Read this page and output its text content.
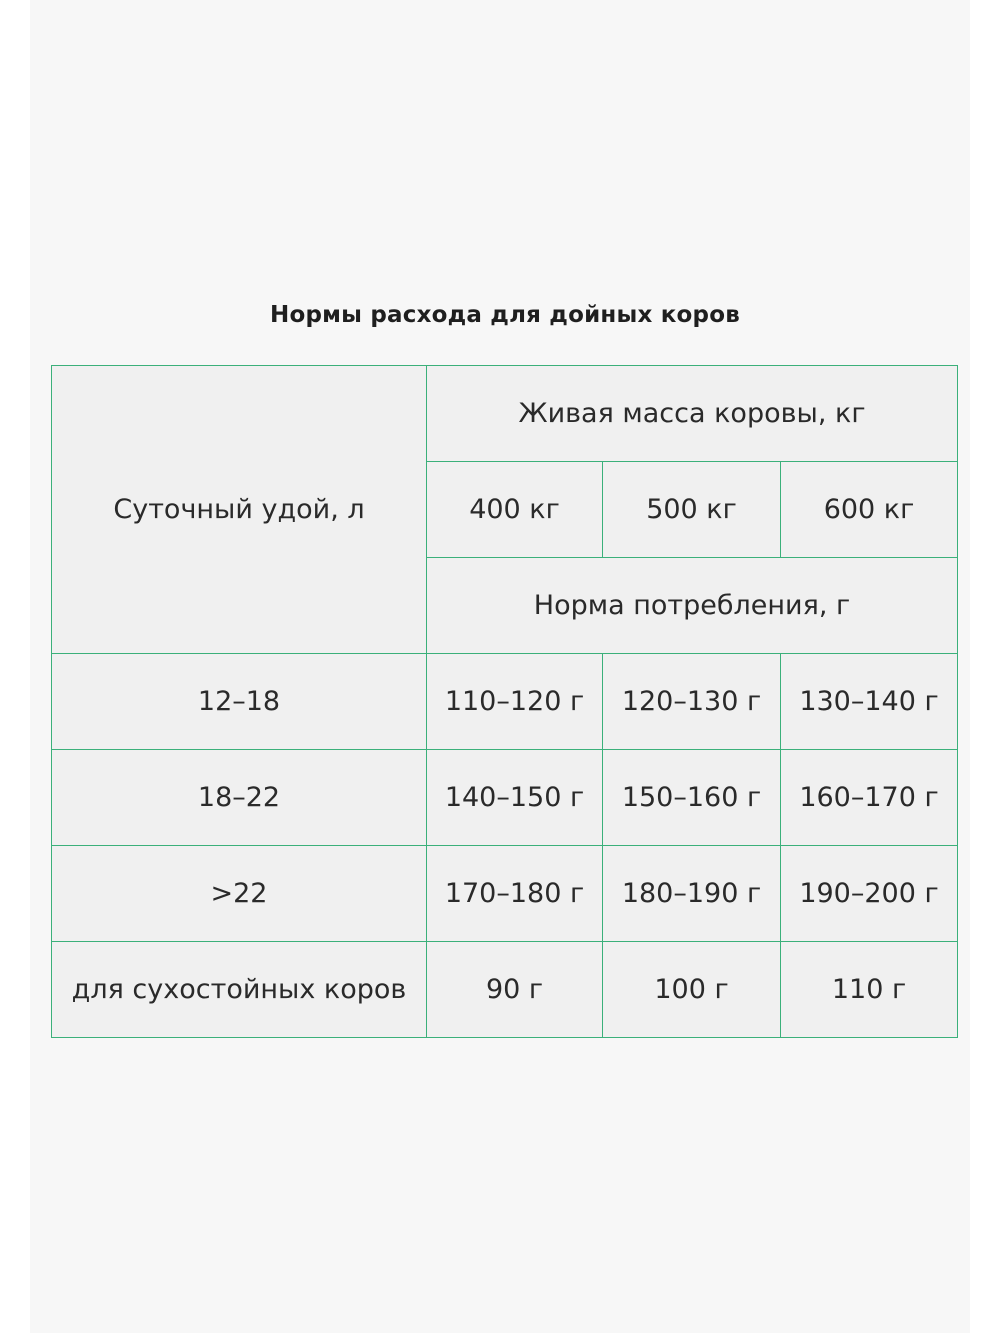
Нормы расхода для дойных коров
Суточный удой, л	Живая масса коровы, кг		
	400 кг	500 кг	600 кг
	Норма потребления, г		
12–18	110–120 г	120–130 г	130–140 г
18–22	140–150 г	150–160 г	160–170 г
>22	170–180 г	180–190 г	190–200 г
для сухостойных коров	90 г	100 г	110 г
